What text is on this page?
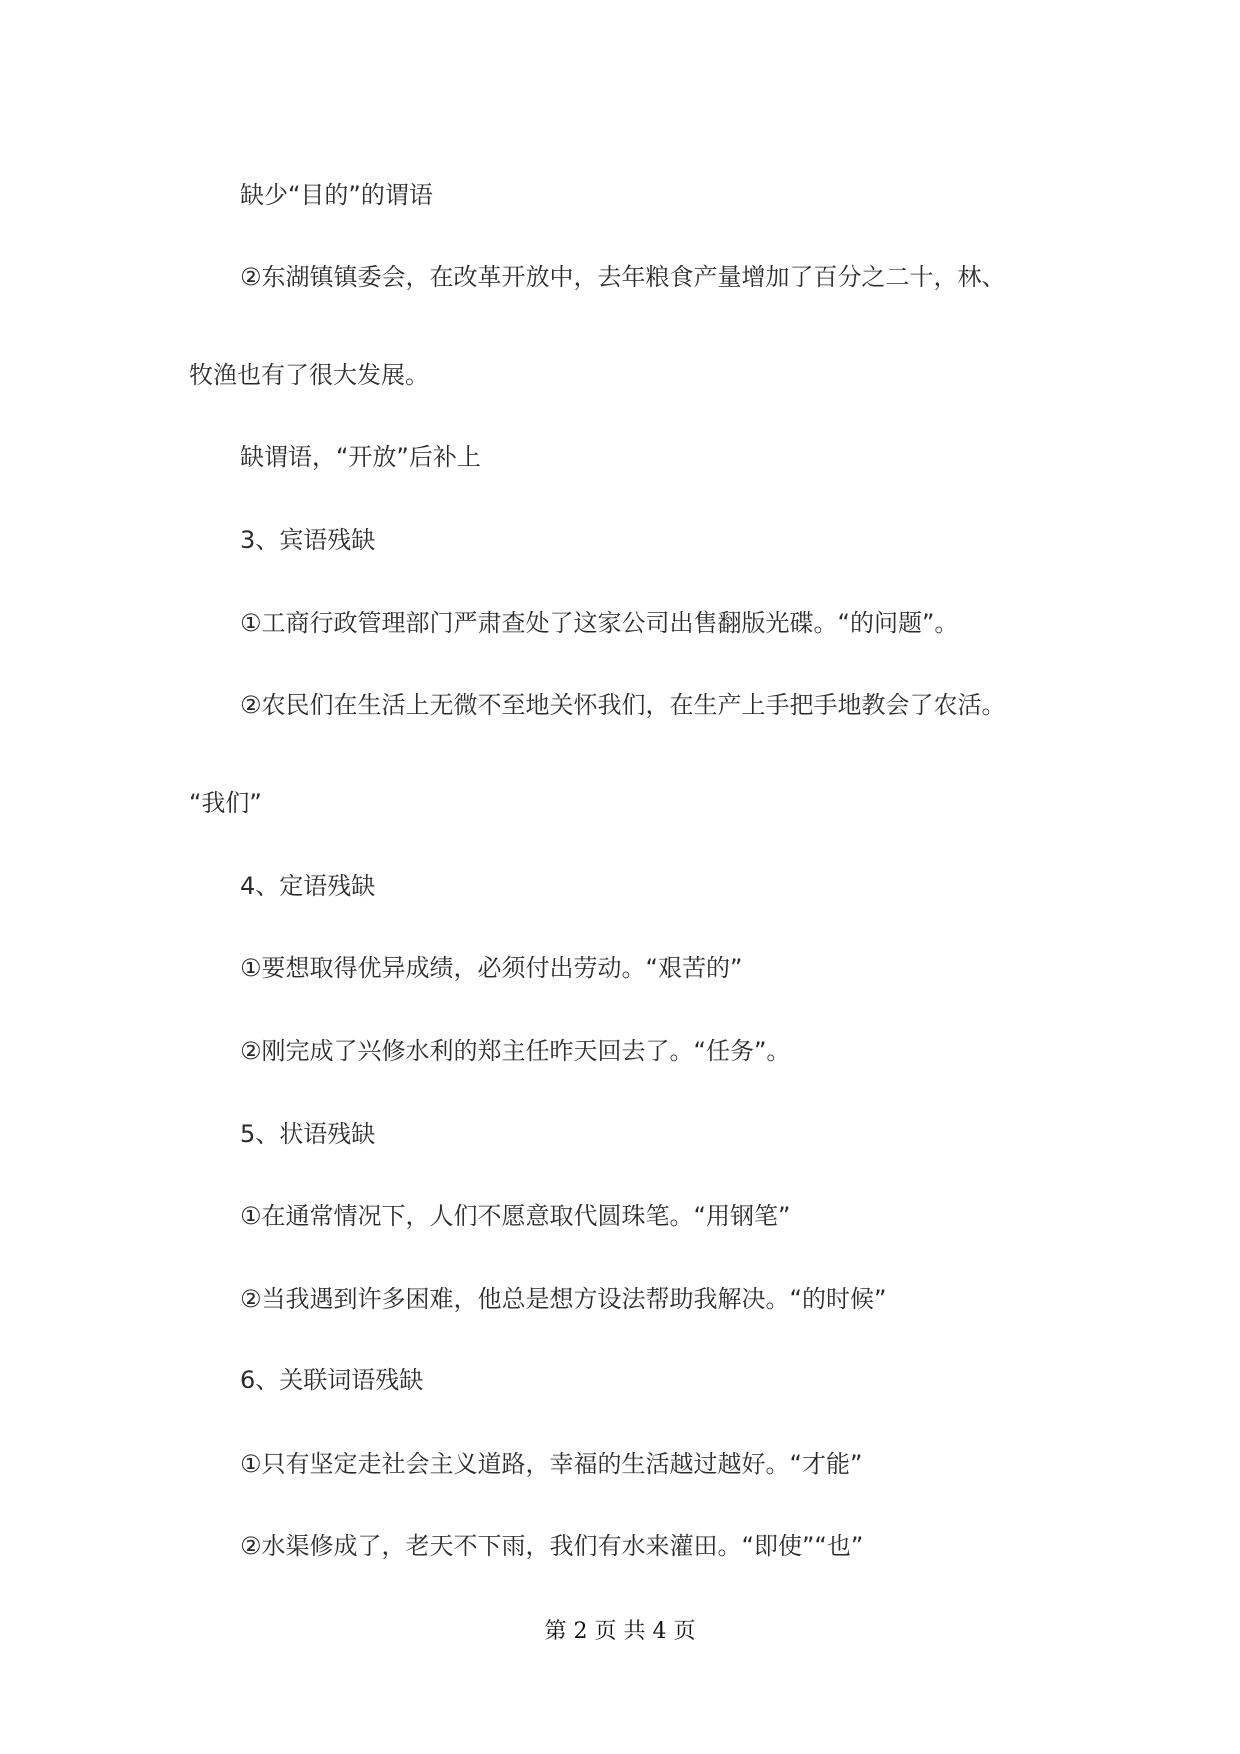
缺少“目的”的谓语
②东湖镇镇委会，在改革开放中，去年粮食产量增加了百分之二十，林、
牧渔也有了很大发展。
缺谓语，“开放”后补上
3、宾语残缺
①工商行政管理部门严肃查处了这家公司出售翻版光碟。“的问题”。
②农民们在生活上无微不至地关怀我们，在生产上手把手地教会了农活。
“我们”
4、定语残缺
①要想取得优异成绩，必须付出劳动。“艰苦的”
②刚完成了兴修水利的郑主任昨天回去了。“任务”。
5、状语残缺
①在通常情况下，人们不愿意取代圆珠笔。“用钢笔”
②当我遇到许多困难，他总是想方设法帮助我解决。“的时候”
6、关联词语残缺
①只有坚定走社会主义道路，幸福的生活越过越好。“才能”
②水渠修成了，老天不下雨，我们有水来灌田。“即使”“也”
第 2 页 共 4 页
